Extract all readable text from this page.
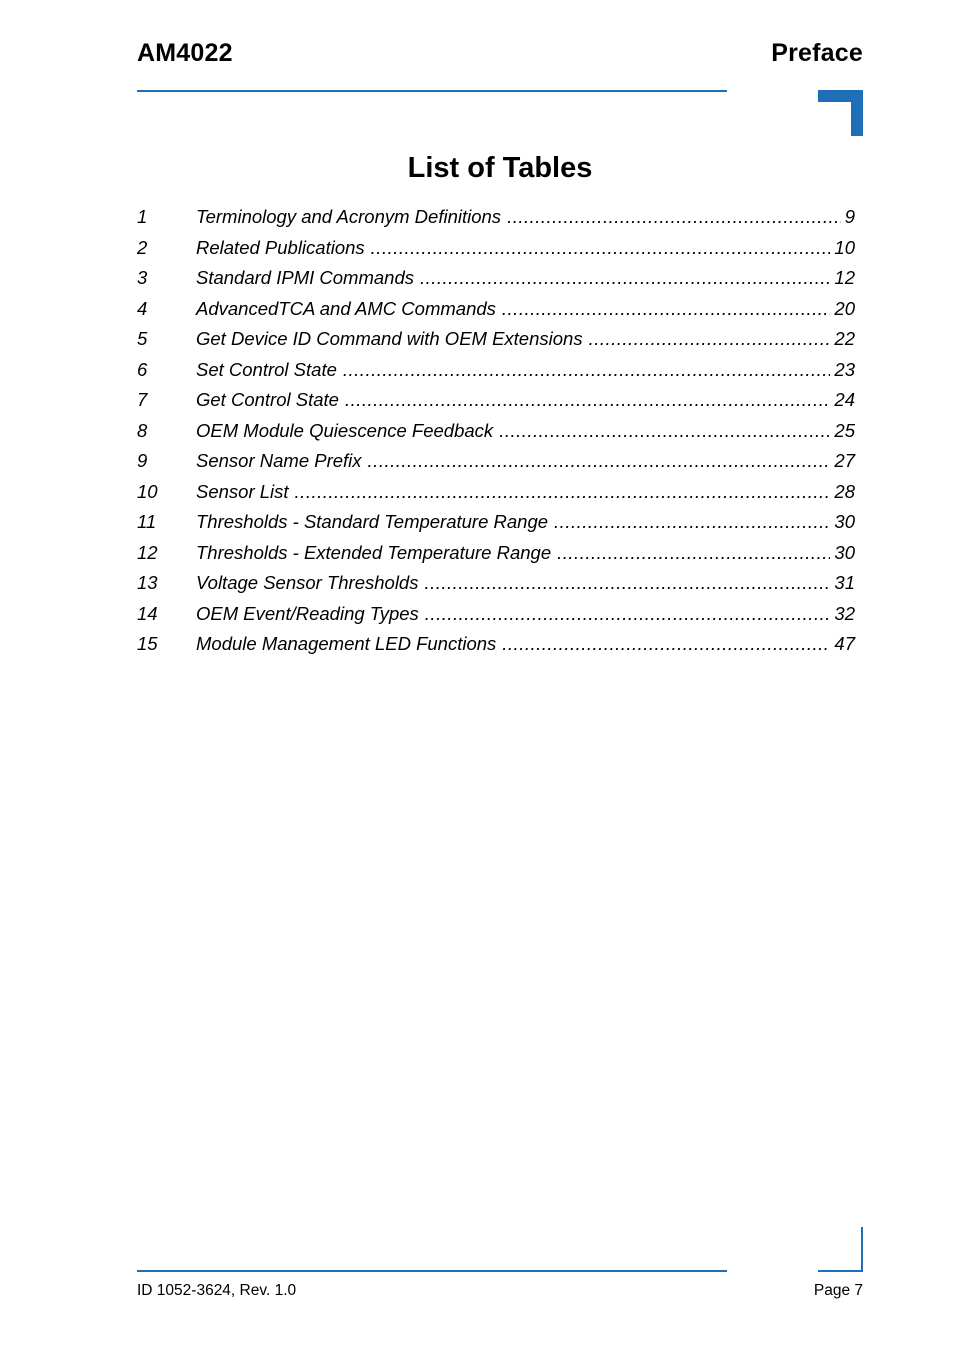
AM4022	Preface
List of Tables
1	Terminology and Acronym Definitions .....	9
2	Related Publications .....	10
3	Standard IPMI Commands .....	12
4	AdvancedTCA and AMC Commands .....	20
5	Get Device ID Command with OEM Extensions .....	22
6	Set Control State .....	23
7	Get Control State .....	24
8	OEM Module Quiescence Feedback .....	25
9	Sensor Name Prefix .....	27
10	Sensor List .....	28
11	Thresholds - Standard Temperature Range .....	30
12	Thresholds - Extended Temperature Range .....	30
13	Voltage Sensor Thresholds .....	31
14	OEM Event/Reading Types .....	32
15	Module Management LED Functions .....	47
ID 1052-3624, Rev. 1.0	Page 7
